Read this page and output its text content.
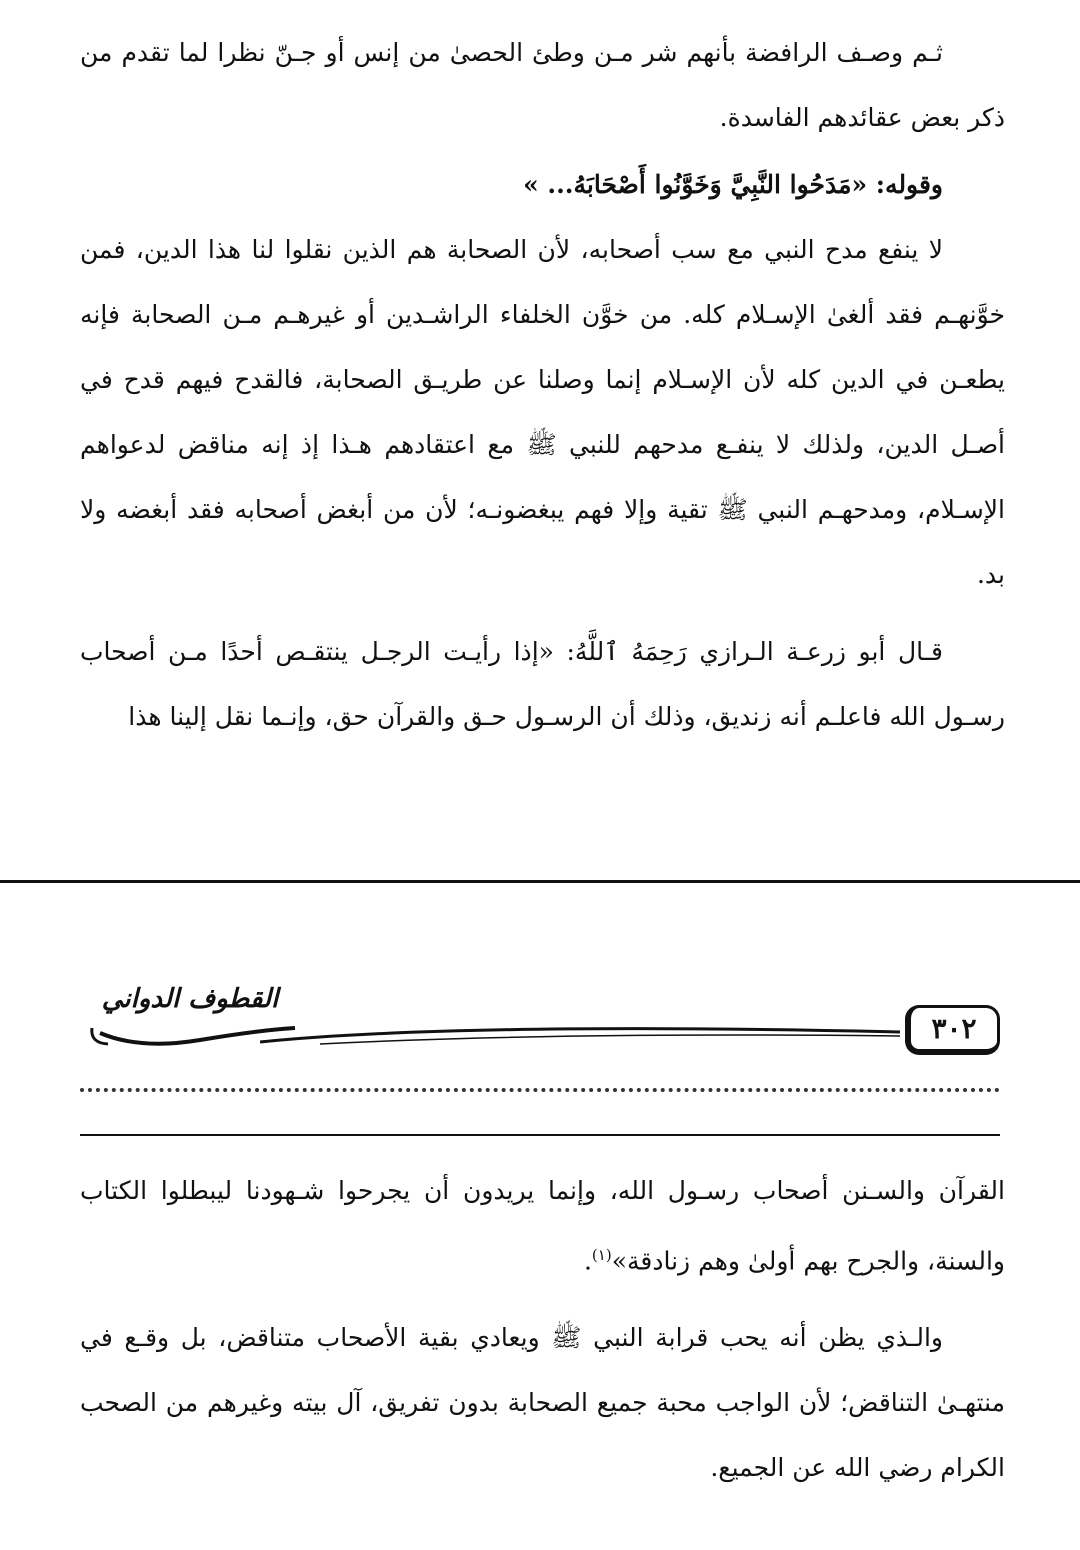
ثـم وصـف الرافضة بأنهم شر مـن وطئ الحصىٰ من إنس أو جـنّ نظرا لما تقدم من ذكر بعض عقائدهم الفاسدة.

وقوله: «مَدَحُوا النَّبِيَّ وَخَوَّنُوا أَصْحَابَهُ... »

لا ينفع مدح النبي مع سب أصحابه، لأن الصحابة هم الذين نقلوا لنا هذا الدين، فمن خوَّنهـم فقد ألغىٰ الإسـلام كله. من خوَّن الخلفاء الراشـدين أو غيرهـم مـن الصحابة فإنه يطعـن في الدين كله لأن الإسـلام إنما وصلنا عن طريـق الصحابة، فالقدح فيهم قدح في أصـل الدين، ولذلك لا ينفـع مدحهم للنبي ﷺ مع اعتقادهم هـذا إذ إنه مناقض لدعواهم الإسـلام، ومدحهـم النبي ﷺ تقية وإلا فهم يبغضونـه؛ لأن من أبغض أصحابه فقد أبغضه ولا بد.

قـال أبو زرعـة الـرازي رَحِمَهُ ٱللَّهُ: «إذا رأيـت الرجـل ينتقـص أحدًا مـن أصحاب رسـول الله فاعلـم أنه زنديق، وذلك أن الرسـول حـق والقرآن حق، وإنـما نقل إلينا هذا

القطوف الدواني
٣٠٢

القرآن والسـنن أصحاب رسـول الله، وإنما يريدون أن يجرحوا شـهودنا ليبطلوا الكتاب والسنة، والجرح بهم أولىٰ وهم زنادقة»$^{(١)}$.

والـذي يظن أنه يحب قرابة النبي ﷺ ويعادي بقية الأصحاب متناقض، بل وقـع في منتهـىٰ التناقض؛ لأن الواجب محبة جميع الصحابة بدون تفريق، آل بيته وغيرهم من الصحب الكرام رضي الله عن الجميع.
